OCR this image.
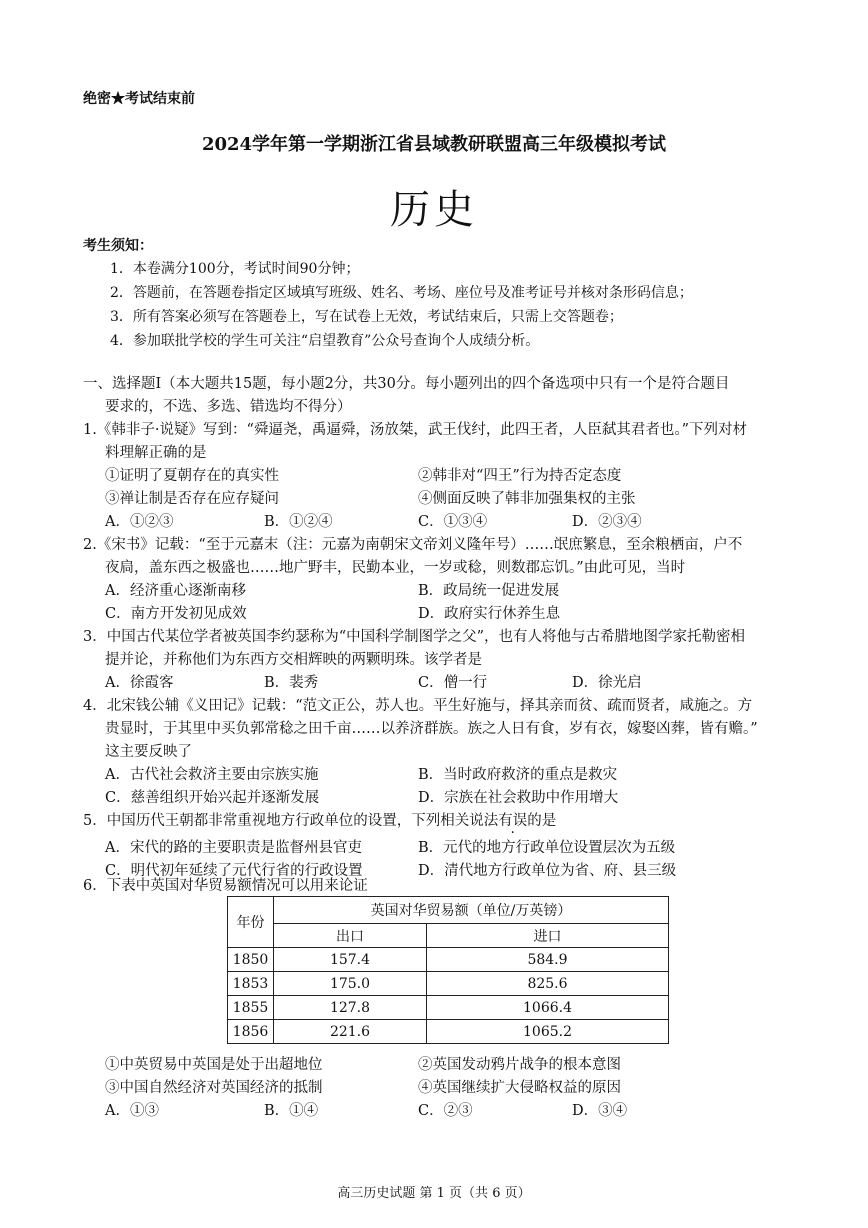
绝密★考试结束前
2024学年第一学期浙江省县域教研联盟高三年级模拟考试
历史
考生须知：
1．本卷满分100分，考试时间90分钟；
2．答题前，在答题卷指定区域填写班级、姓名、考场、座位号及准考证号并核对条形码信息；
3．所有答案必须写在答题卷上，写在试卷上无效，考试结束后，只需上交答题卷；
4．参加联批学校的学生可关注“启望教育”公众号查询个人成绩分析。
一、选择题Ⅰ（本大题共15题，每小题2分，共30分。每小题列出的四个备选项中只有一个是符合题目
要求的，不选、多选、错选均不得分）
1.《韩非子·说疑》写到：“舜逼尧，禹逼舜，汤放桀，武王伐纣，此四王者，人臣弑其君者也。”下列对材
料理解正确的是
①证明了夏朝存在的真实性	②韩非对“四王”行为持否定态度
③禅让制是否存在应存疑问	④侧面反映了韩非加强集权的主张
A．①②③	B．①②④	C．①③④	D．②③④
2.《宋书》记载：“至于元嘉末（注：元嘉为南朝宋文帝刘义隆年号）……氓庶繁息，至余粮栖亩，户不
夜扃，盖东西之极盛也……地广野丰，民勤本业，一岁或稔，则数郡忘饥。”由此可见，当时
A．经济重心逐渐南移	B．政局统一促进发展
C．南方开发初见成效	D．政府实行休养生息
3．中国古代某位学者被英国李约瑟称为“中国科学制图学之父”，也有人将他与古希腊地图学家托勒密相
提并论，并称他们为东西方交相辉映的两颗明珠。该学者是
A．徐霞客	B．裴秀	C．僧一行	D．徐光启
4．北宋钱公辅《义田记》记载：“范文正公，苏人也。平生好施与，择其亲而贫、疏而贤者，咸施之。方
贵显时，于其里中买负郭常稔之田千亩……以养济群族。族之人日有食，岁有衣，嫁娶凶葬，皆有赡。”
这主要反映了
A．古代社会救济主要由宗族实施	B．当时政府救济的重点是救灾
C．慈善组织开始兴起并逐渐发展	D．宗族在社会救助中作用增大
5．中国历代王朝都非常重视地方行政单位的设置，下列相关说法有误的是
A．宋代的路的主要职责是监督州县官吏	B．元代的地方行政单位设置层次为五级
C．明代初年延续了元代行省的行政设置	D．清代地方行政单位为省、府、县三级
6．下表中英国对华贸易额情况可以用来论证
年份	英国对华贸易额（单位/万英镑）	
	出口	进口
1850	157.4	584.9
1853	175.0	825.6
1855	127.8	1066.4
1856	221.6	1065.2
①中英贸易中英国是处于出超地位	②英国发动鸦片战争的根本意图
③中国自然经济对英国经济的抵制	④英国继续扩大侵略权益的原因
A．①③	B．①④	C．②③	D．③④
高三历史试题 第 1 页（共 6 页）
